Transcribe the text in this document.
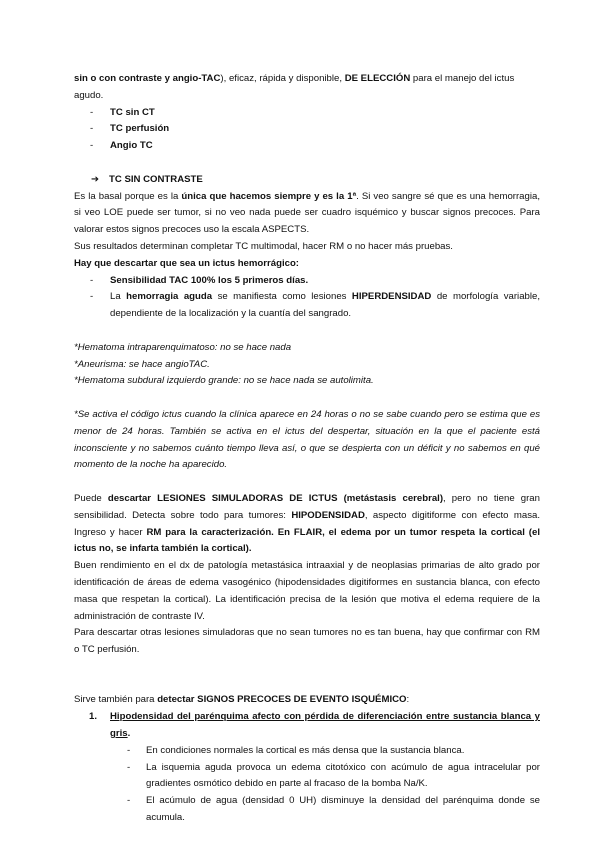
sin o con contraste y angio-TAC), eficaz, rápida y disponible, DE ELECCIÓN para el manejo del ictus
agudo.

- TC sin CT
- TC perfusión
- Angio TC

➔ TC SIN CONTRASTE

Es la basal porque es la única que hacemos siempre y es la 1ª. Si veo sangre sé que es una hemorragia, si veo LOE puede ser tumor, si no veo nada puede ser cuadro isquémico y buscar signos precoces. Para valorar estos signos precoces uso la escala ASPECTS.

Sus resultados determinan completar TC multimodal, hacer RM o no hacer más pruebas.

Hay que descartar que sea un ictus hemorrágico:

- Sensibilidad TAC 100% los 5 primeros días.
- La hemorragia aguda se manifiesta como lesiones HIPERDENSIDAD de morfología variable, dependiente de la localización y la cuantía del sangrado.

*Hematoma intraparenquimatoso: no se hace nada

*Aneurisma: se hace angioTAC.

*Hematoma subdural izquierdo grande: no se hace nada se autolimita.

*Se activa el código ictus cuando la clínica aparece en 24 horas o no se sabe cuando pero se estima que es menor de 24 horas. También se activa en el ictus del despertar, situación en la que el paciente está inconsciente y no sabemos cuánto tiempo lleva así, o que se despierta con un déficit y no sabemos en qué momento de la noche ha aparecido.

Puede descartar LESIONES SIMULADORAS DE ICTUS (metástasis cerebral), pero no tiene gran sensibilidad. Detecta sobre todo para tumores: HIPODENSIDAD, aspecto digitiforme con efecto masa. Ingreso y hacer RM para la caracterización. En FLAIR, el edema por un tumor respeta la cortical (el ictus no, se infarta también la cortical).

Buen rendimiento en el dx de patología metastásica intraaxial y de neoplasias primarias de alto grado por identificación de áreas de edema vasogénico (hipodensidades digitiformes en sustancia blanca, con efecto masa que respetan la cortical). La identificación precisa de la lesión que motiva el edema requiere de la administración de contraste IV.

Para descartar otras lesiones simuladoras que no sean tumores no es tan buena, hay que confirmar con RM o TC perfusión.

Sirve también para detectar SIGNOS PRECOCES DE EVENTO ISQUÉMICO:

1. Hipodensidad del parénquima afecto con pérdida de diferenciación entre sustancia blanca y gris.
- En condiciones normales la cortical es más densa que la sustancia blanca.
- La isquemia aguda provoca un edema citotóxico con acúmulo de agua intracelular por gradientes osmótico debido en parte al fracaso de la bomba Na/K.
- El acúmulo de agua (densidad 0 UH) disminuye la densidad del parénquima donde se acumula.
